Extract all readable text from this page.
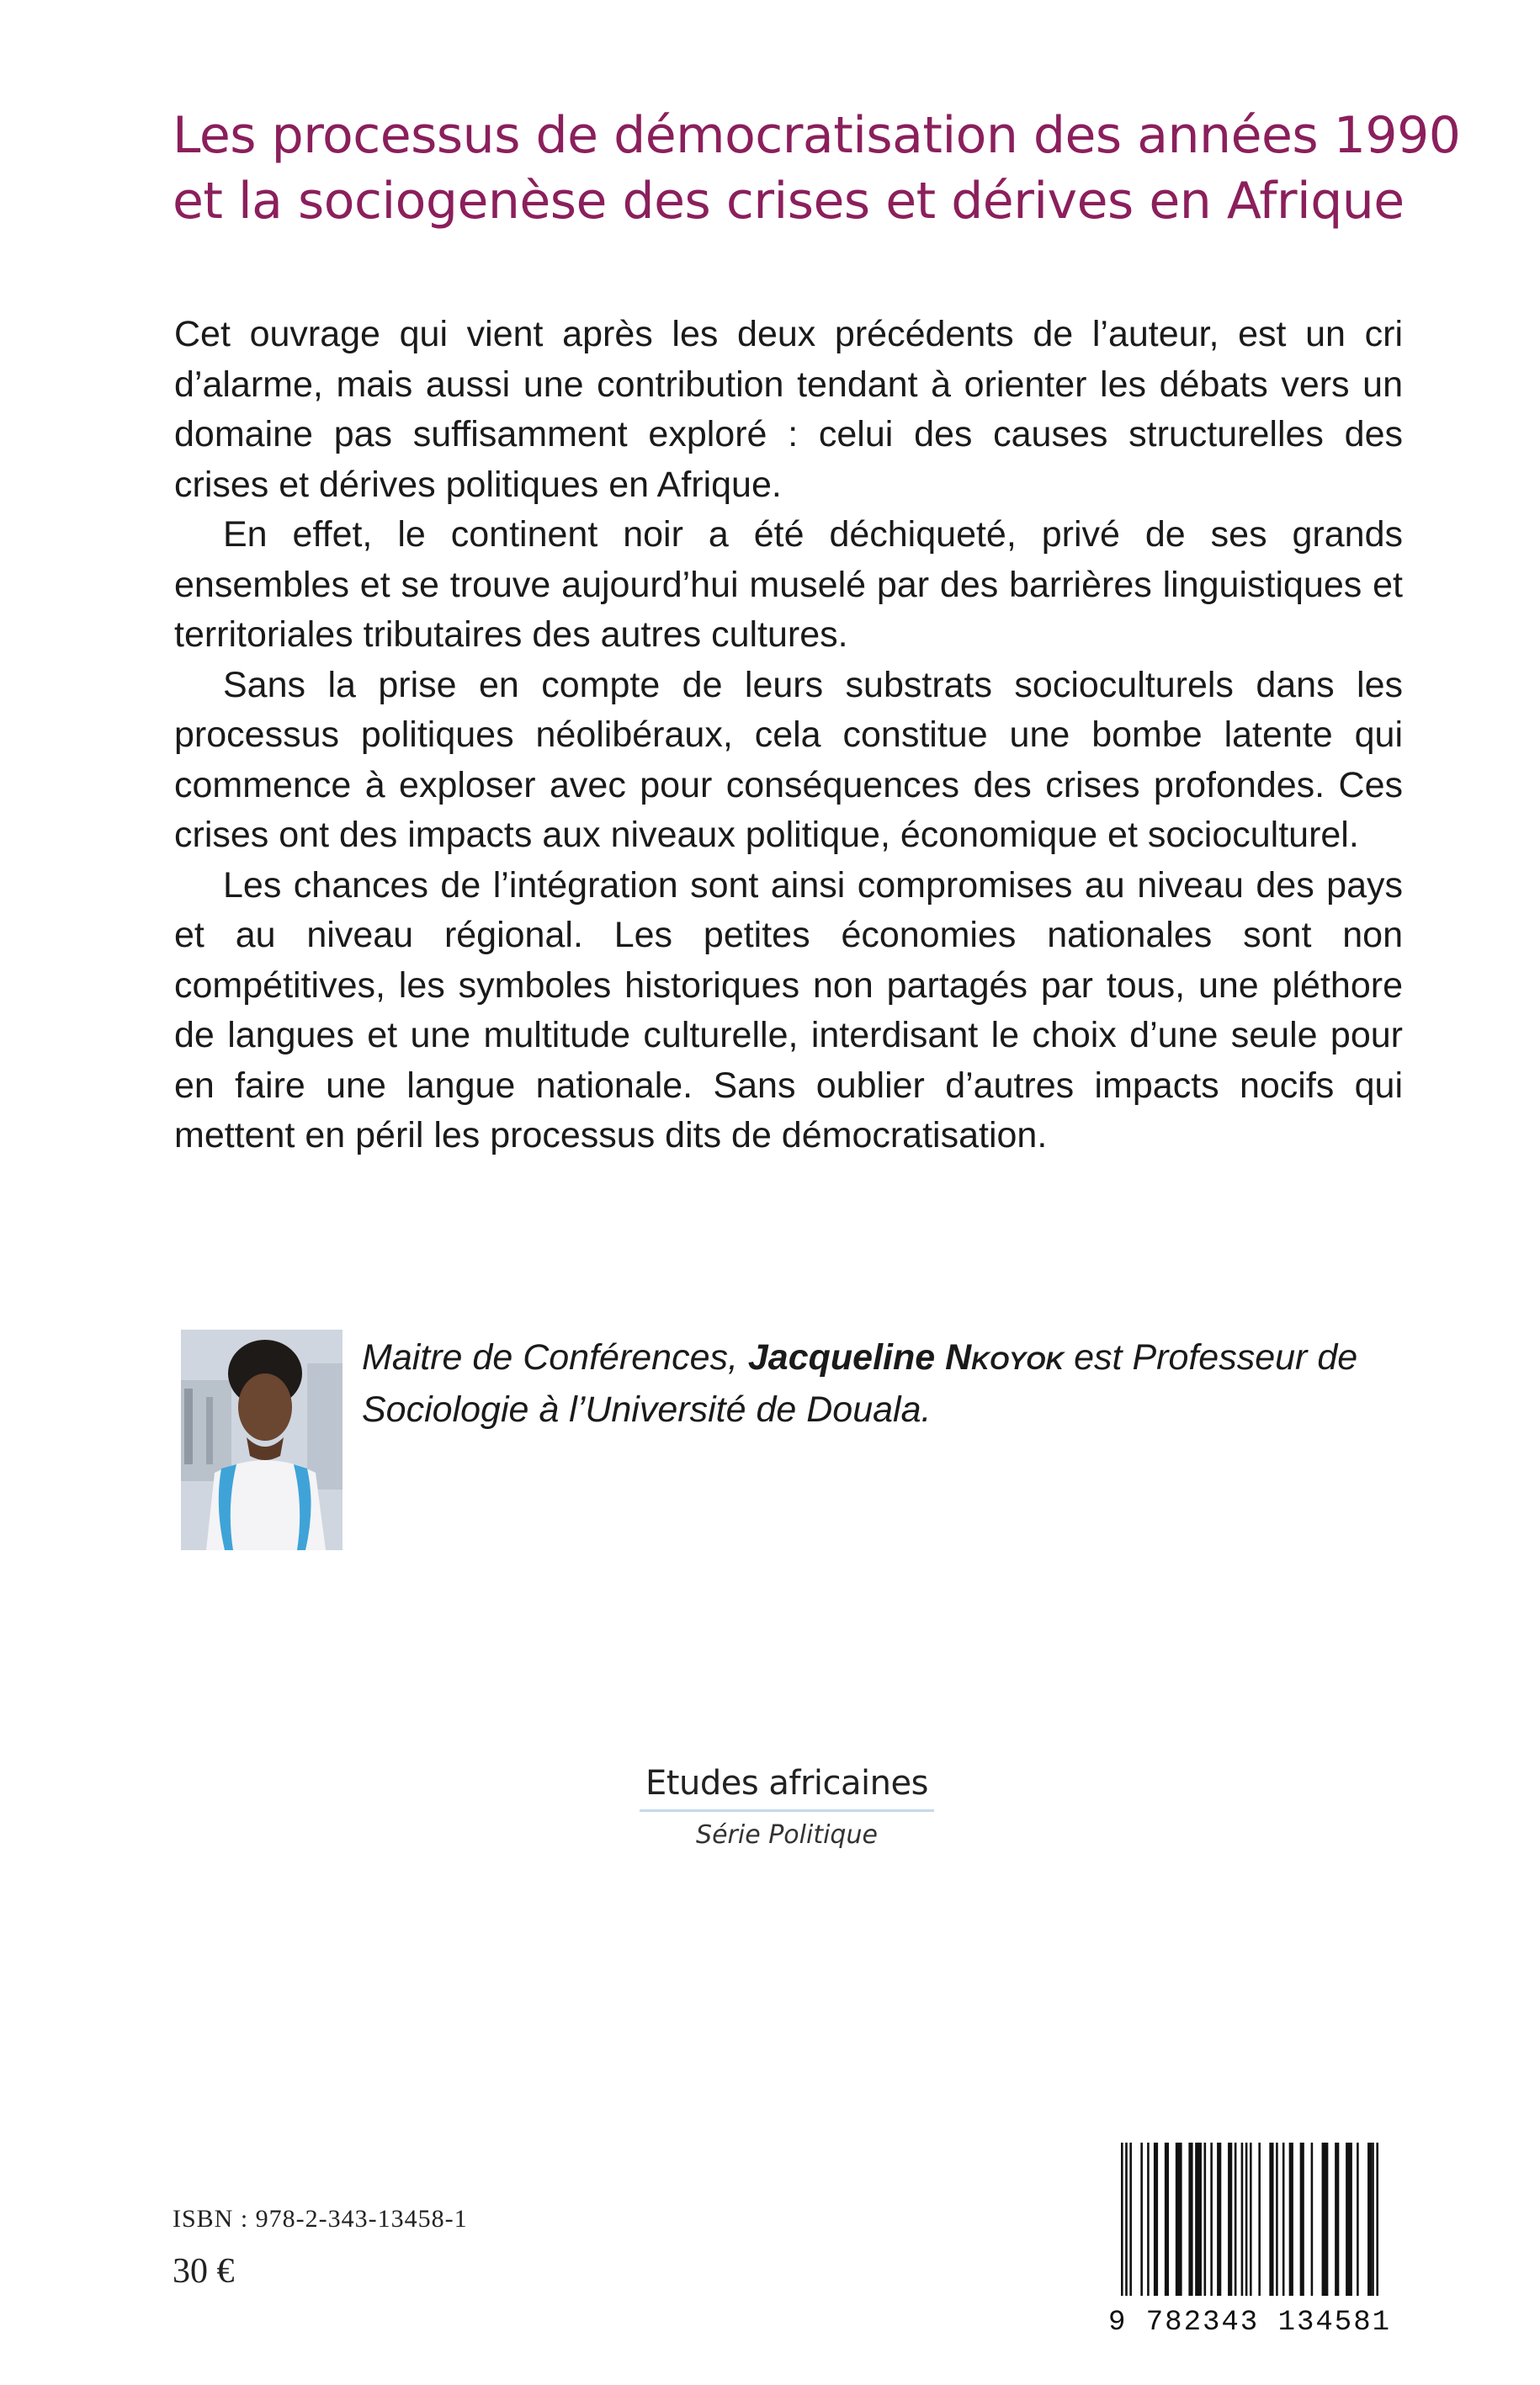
Les processus de démocratisation des années 1990
et la sociogenèse des crises et dérives en Afrique

Cet ouvrage qui vient après les deux précédents de l’auteur, est un cri d’alarme, mais aussi une contribution tendant à orienter les débats vers un domaine pas suffisamment exploré : celui des causes structurelles des crises et dérives politiques en Afrique.

En effet, le continent noir a été déchiqueté, privé de ses grands ensembles et se trouve aujourd’hui muselé par des barrières linguistiques et territoriales tributaires des autres cultures.

Sans la prise en compte de leurs substrats socioculturels dans les processus politiques néolibéraux, cela constitue une bombe latente qui commence à exploser avec pour conséquences des crises profondes. Ces crises ont des impacts aux niveaux politique, économique et socioculturel.

Les chances de l’intégration sont ainsi compromises au niveau des pays et au niveau régional. Les petites économies nationales sont non compétitives, les symboles historiques non partagés par tous, une pléthore de langues et une multitude culturelle, interdisant le choix d’une seule pour en faire une langue nationale. Sans oublier d’autres impacts nocifs qui mettent en péril les processus dits de démocratisation.

Maitre de Conférences, Jacqueline Nkoyok est Professeur de Sociologie à l’Université de Douala.
Etudes africaines
Série Politique
ISBN : 978-2-343-13458-1
30 €
9 782343 134581
